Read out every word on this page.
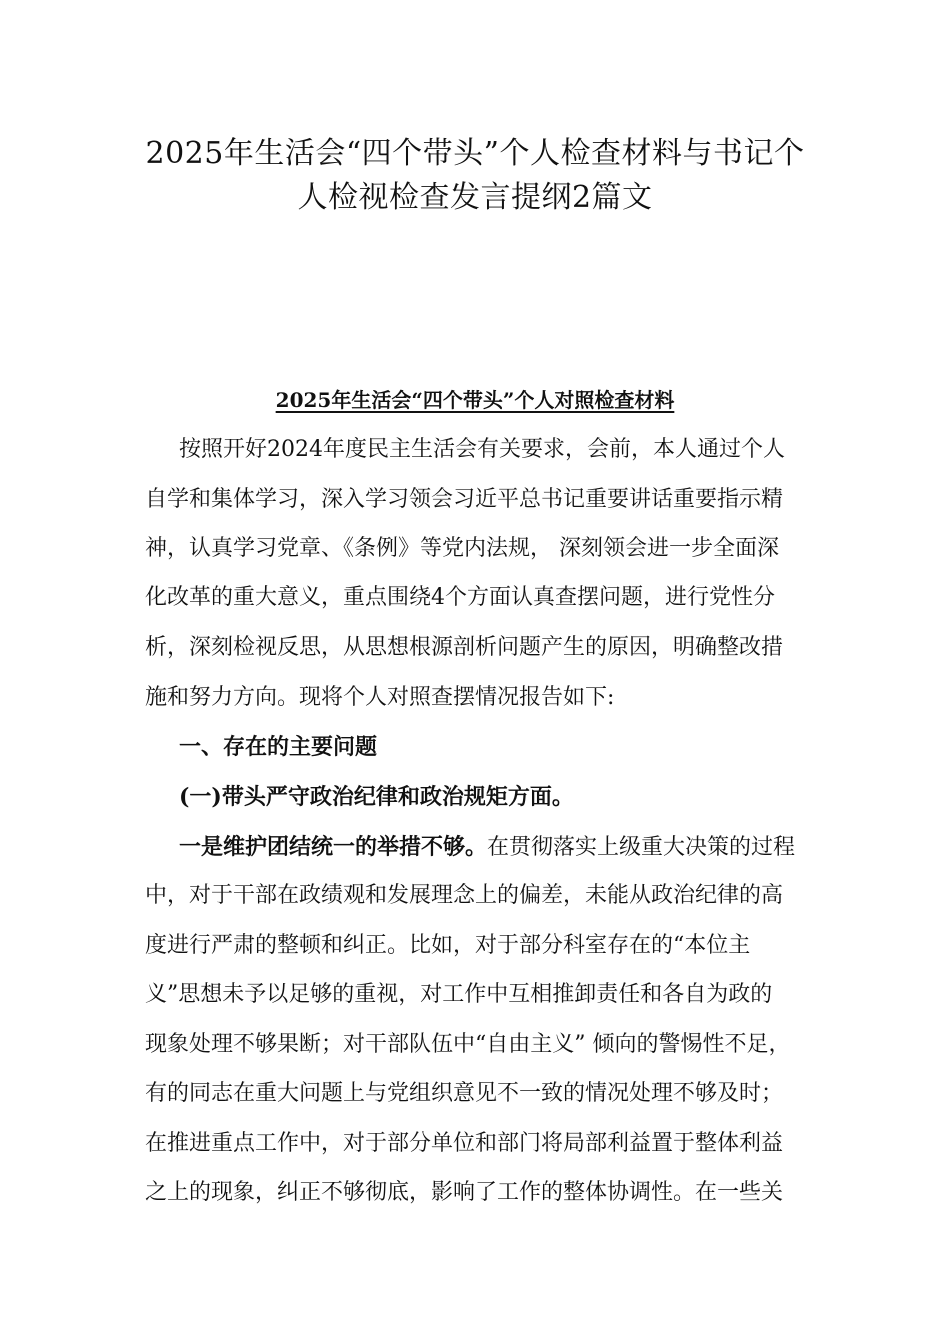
2025年生活会“四个带头”个人检查材料与书记个
人检视检查发言提纲2篇文
2025年生活会“四个带头”个人对照检查材料

按照开好2024年度民主生活会有关要求，会前，本人通过个人

自学和集体学习，深入学习领会习近平总书记重要讲话重要指示精

神，认真学习党章、《条例》等党内法规， 深刻领会进一步全面深

化改革的重大意义，重点围绕4个方面认真查摆问题，进行党性分

析，深刻检视反思，从思想根源剖析问题产生的原因，明确整改措

施和努力方向。现将个人对照查摆情况报告如下:

一、存在的主要问题

(一)带头严守政治纪律和政治规矩方面。

一是维护团结统一的举措不够。在贯彻落实上级重大决策的过程

中，对于干部在政绩观和发展理念上的偏差，未能从政治纪律的高

度进行严肃的整顿和纠正。比如，对于部分科室存在的“本位主

义”思想未予以足够的重视，对工作中互相推卸责任和各自为政的

现象处理不够果断；对干部队伍中“自由主义” 倾向的警惕性不足，

有的同志在重大问题上与党组织意见不一致的情况处理不够及时；

在推进重点工作中，对于部分单位和部门将局部利益置于整体利益

之上的现象，纠正不够彻底，影响了工作的整体协调性。在一些关
